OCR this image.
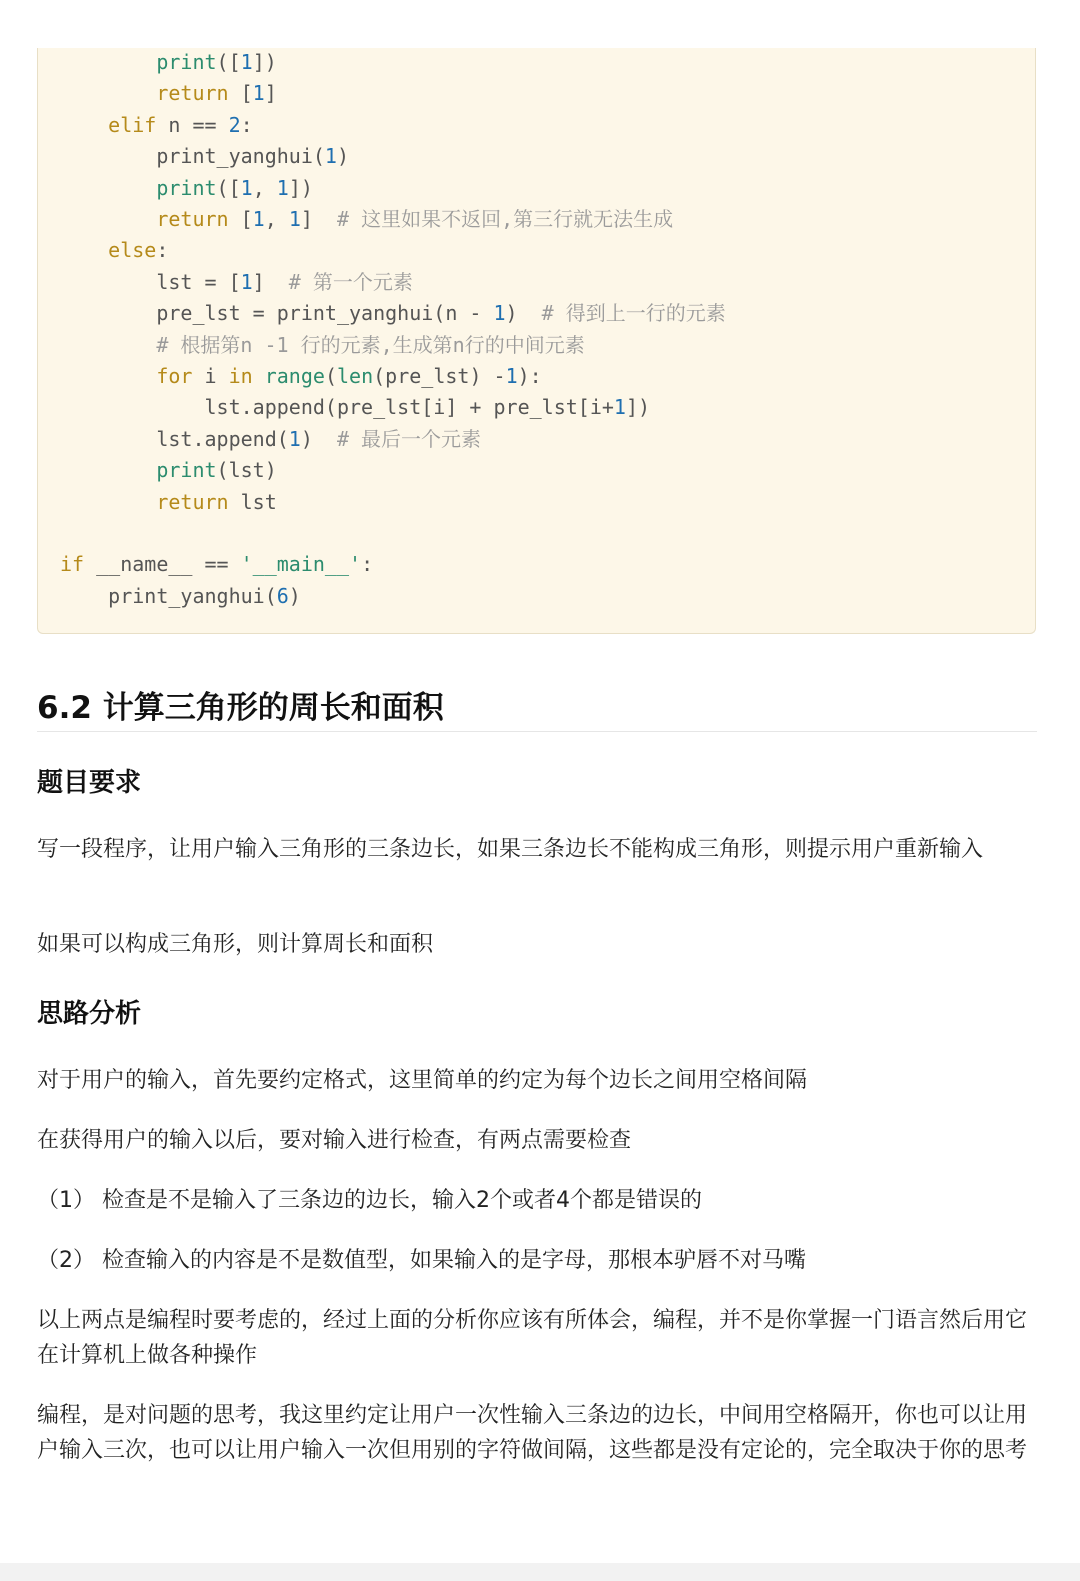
print([1])
return [1]
elif n == 2:
print_yanghui(1)
print([1, 1])
return [1, 1]  # 这里如果不返回,第三行就无法生成
else:
lst = [1]  # 第一个元素
pre_lst = print_yanghui(n - 1)  # 得到上一行的元素
# 根据第n -1 行的元素,生成第n行的中间元素
for i in range(len(pre_lst) -1):
lst.append(pre_lst[i] + pre_lst[i+1])
lst.append(1)  # 最后一个元素
print(lst)
return lst
if __name__ == '__main__':
print_yanghui(6)
6.2 计算三角形的周长和面积
题目要求
写一段程序，让用户输入三角形的三条边长，如果三条边长不能构成三角形，则提示用户重新输入
如果可以构成三角形，则计算周长和面积
思路分析
对于用户的输入，首先要约定格式，这里简单的约定为每个边长之间用空格间隔
在获得用户的输入以后，要对输入进行检查，有两点需要检查
（1） 检查是不是输入了三条边的边长，输入2个或者4个都是错误的
（2） 检查输入的内容是不是数值型，如果输入的是字母，那根本驴唇不对马嘴
以上两点是编程时要考虑的，经过上面的分析你应该有所体会，编程，并不是你掌握一门语言然后用它在计算机上做各种操作
编程，是对问题的思考，我这里约定让用户一次性输入三条边的边长，中间用空格隔开，你也可以让用户输入三次，也可以让用户输入一次但用别的字符做间隔，这些都是没有定论的，完全取决于你的思考
